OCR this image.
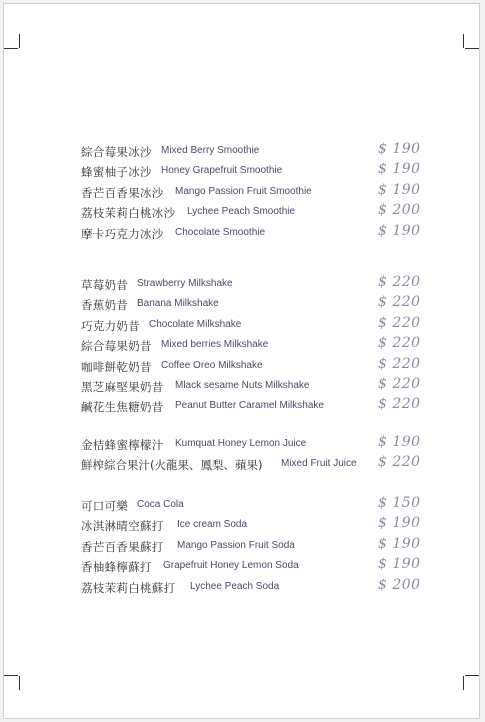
綜合莓果冰沙 Mixed Berry Smoothie	$ 190
蜂蜜柚子冰沙 Honey Grapefruit Smoothie	$ 190
香芒百香果冰沙 Mango Passion Fruit Smoothie	$ 190
荔枝茉莉白桃冰沙 Lychee Peach Smoothie	$ 200
摩卡巧克力冰沙 Chocolate Smoothie	$ 190
草莓奶昔 Strawberry Milkshake	$ 220
香蕉奶昔 Banana Milkshake	$ 220
巧克力奶昔 Chocolate Milkshake	$ 220
綜合莓果奶昔 Mixed berries Milkshake	$ 220
咖啡餅乾奶昔 Coffee Oreo Milkshake	$ 220
黑芝麻堅果奶昔 Mlack sesame Nuts Milkshake	$ 220
鹹花生焦糖奶昔 Peanut Butter Caramel Milkshake	$ 220
金桔蜂蜜檸檬汁 Kumquat Honey Lemon Juice	$ 190
鮮榨綜合果汁(火龍果、鳳梨、蘋果) Mixed Fruit Juice $ 220
可口可樂 Coca Cola	$ 150
冰淇淋晴空蘇打 Ice cream Soda	$ 190
香芒百香果蘇打 Mango Passion Fruit Soda	$ 190
香柚蜂檸蘇打 Grapefruit Honey Lemon Soda	$ 190
荔枝茉莉白桃蘇打 Lychee Peach Soda	$ 200
